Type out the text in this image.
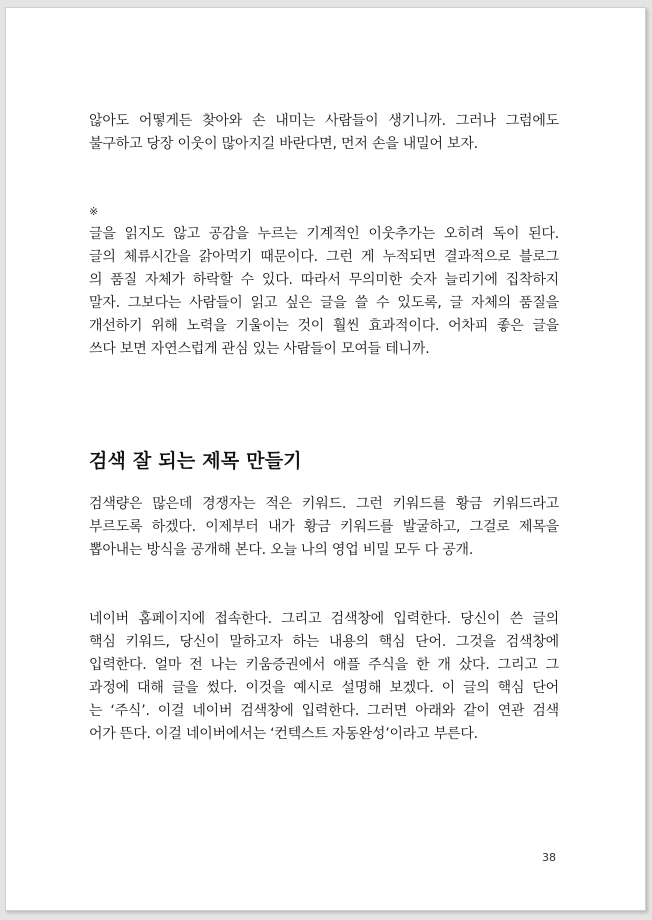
않아도 어떻게든 찾아와 손 내미는 사람들이 생기니까. 그러나 그럼에도
불구하고 당장 이웃이 많아지길 바란다면, 먼저 손을 내밀어 보자.
※
글을 읽지도 않고 공감을 누르는 기계적인 이웃추가는 오히려 독이 된다.
글의 체류시간을 갉아먹기 때문이다. 그런 게 누적되면 결과적으로 블로그
의 품질 자체가 하락할 수 있다. 따라서 무의미한 숫자 늘리기에 집착하지
말자. 그보다는 사람들이 읽고 싶은 글을 쓸 수 있도록, 글 자체의 품질을
개선하기 위해 노력을 기울이는 것이 훨씬 효과적이다. 어차피 좋은 글을
쓰다 보면 자연스럽게 관심 있는 사람들이 모여들 테니까.
검색 잘 되는 제목 만들기
검색량은 많은데 경쟁자는 적은 키워드. 그런 키워드를 황금 키워드라고
부르도록 하겠다. 이제부터 내가 황금 키워드를 발굴하고, 그걸로 제목을
뽑아내는 방식을 공개해 본다. 오늘 나의 영업 비밀 모두 다 공개.
네이버 홈페이지에 접속한다. 그리고 검색창에 입력한다. 당신이 쓴 글의
핵심 키워드, 당신이 말하고자 하는 내용의 핵심 단어. 그것을 검색창에
입력한다. 얼마 전 나는 키움증권에서 애플 주식을 한 개 샀다. 그리고 그
과정에 대해 글을 썼다. 이것을 예시로 설명해 보겠다. 이 글의 핵심 단어
는 ‘주식’. 이걸 네이버 검색창에 입력한다. 그러면 아래와 같이 연관 검색
어가 뜬다. 이걸 네이버에서는 ‘컨텍스트 자동완성’이라고 부른다.
38
